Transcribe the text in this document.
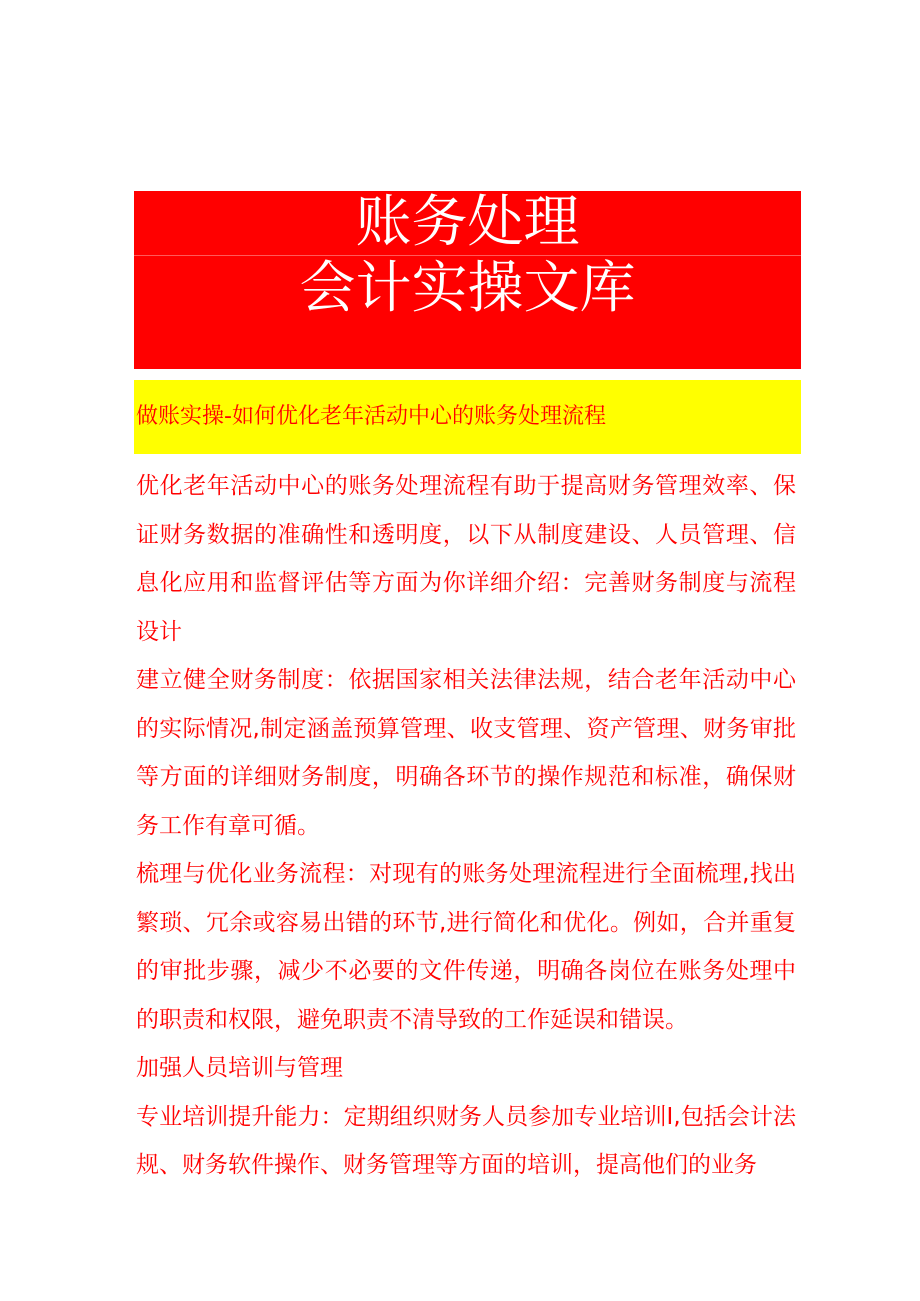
账务处理
会计实操文库
做账实操-如何优化老年活动中心的账务处理流程

优化老年活动中心的账务处理流程有助于提高财务管理效率、保证财务数据的准确性和透明度，以下从制度建设、人员管理、信息化应用和监督评估等方面为你详细介绍：完善财务制度与流程设计

建立健全财务制度：依据国家相关法律法规，结合老年活动中心的实际情况,制定涵盖预算管理、收支管理、资产管理、财务审批等方面的详细财务制度，明确各环节的操作规范和标准，确保财务工作有章可循。

梳理与优化业务流程：对现有的账务处理流程进行全面梳理,找出繁琐、冗余或容易出错的环节,进行简化和优化。例如，合并重复的审批步骤，减少不必要的文件传递，明确各岗位在账务处理中的职责和权限，避免职责不清导致的工作延误和错误。

加强人员培训与管理

专业培训提升能力：定期组织财务人员参加专业培训I,包括会计法规、财务软件操作、财务管理等方面的培训，提高他们的业务
